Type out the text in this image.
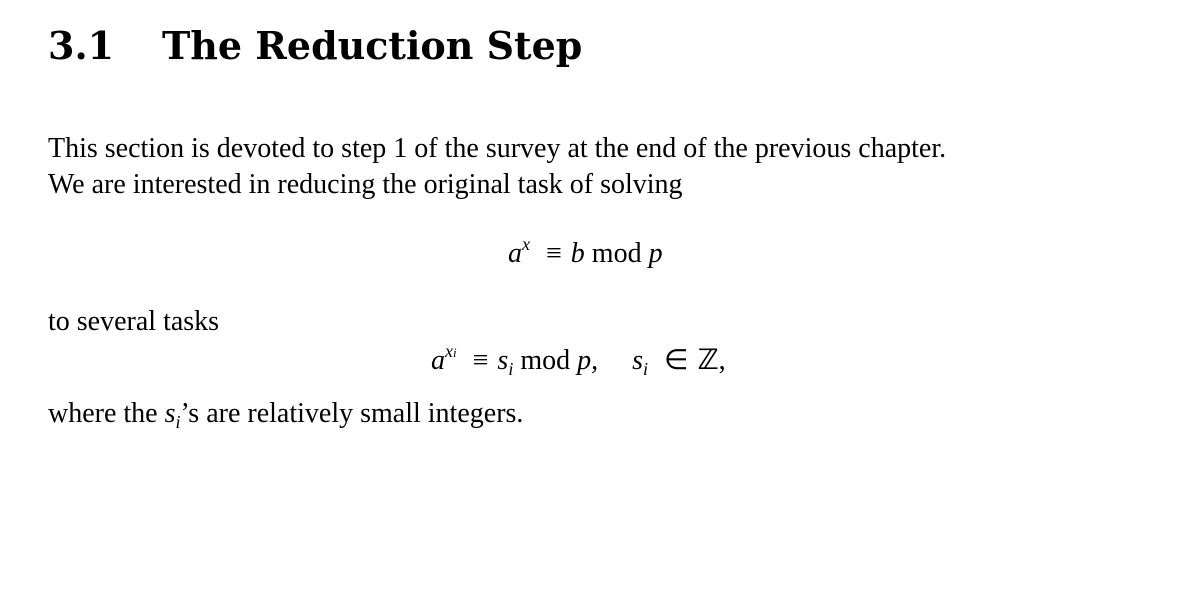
3.1 The Reduction Step
This section is devoted to step 1 of the survey at the end of the previous chapter.
We are interested in reducing the original task of solving
$a^x \equiv b$ mod p
to several tasks
$a^{xi} \equiv s_i$ mod p, $s_i$ ∈ ℤ,
where the $s_i’s$ are relatively small integers.
